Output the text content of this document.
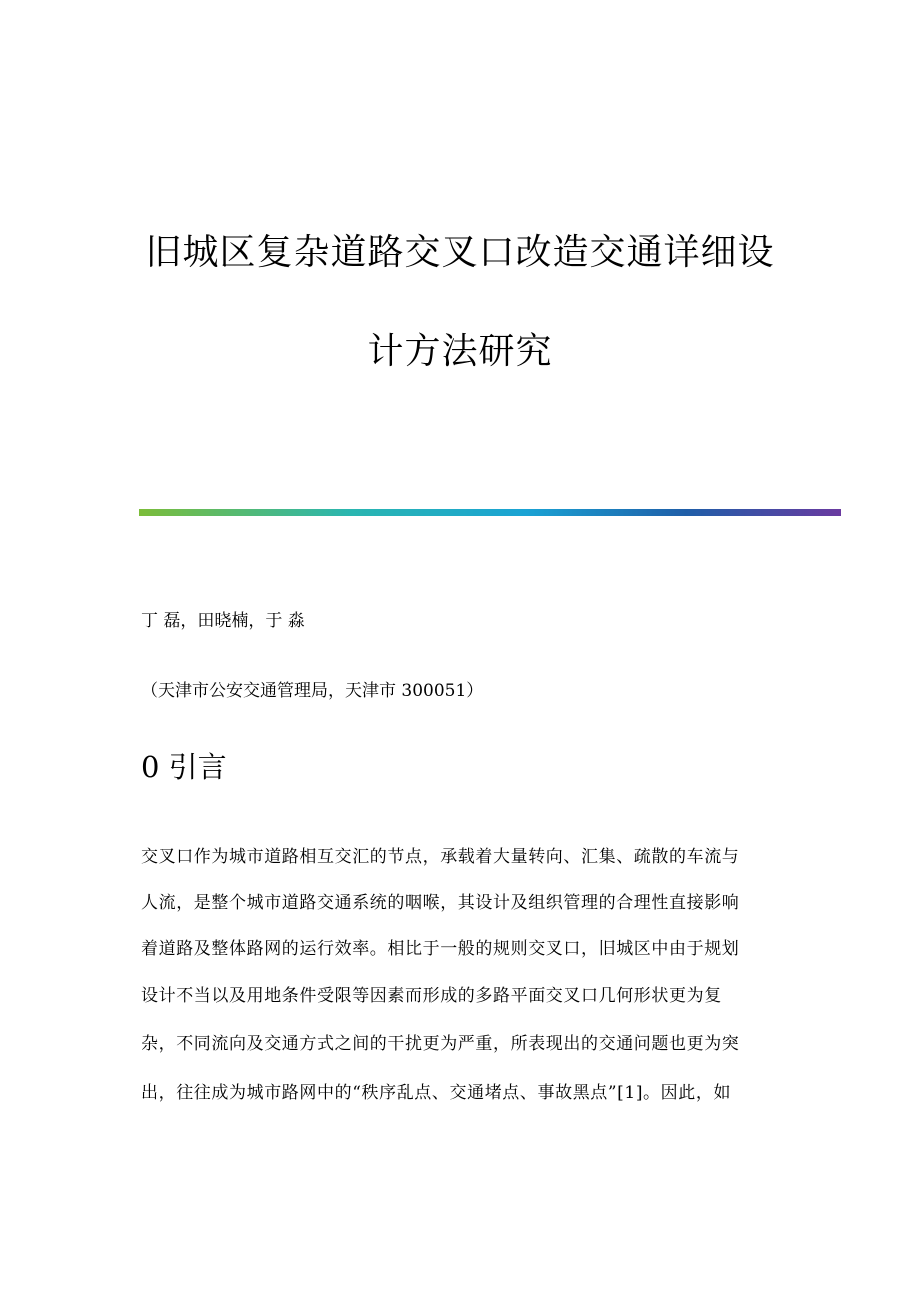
旧城区复杂道路交叉口改造交通详细设
计方法研究
丁 磊，田晓楠，于 淼
（天津市公安交通管理局，天津市 300051）
0 引言
交叉口作为城市道路相互交汇的节点，承载着大量转向、汇集、疏散的车流与
人流，是整个城市道路交通系统的咽喉，其设计及组织管理的合理性直接影响
着道路及整体路网的运行效率。相比于一般的规则交叉口，旧城区中由于规划
设计不当以及用地条件受限等因素而形成的多路平面交叉口几何形状更为复
杂，不同流向及交通方式之间的干扰更为严重，所表现出的交通问题也更为突
出，往往成为城市路网中的“秩序乱点、交通堵点、事故黑点”[1]。因此，如
